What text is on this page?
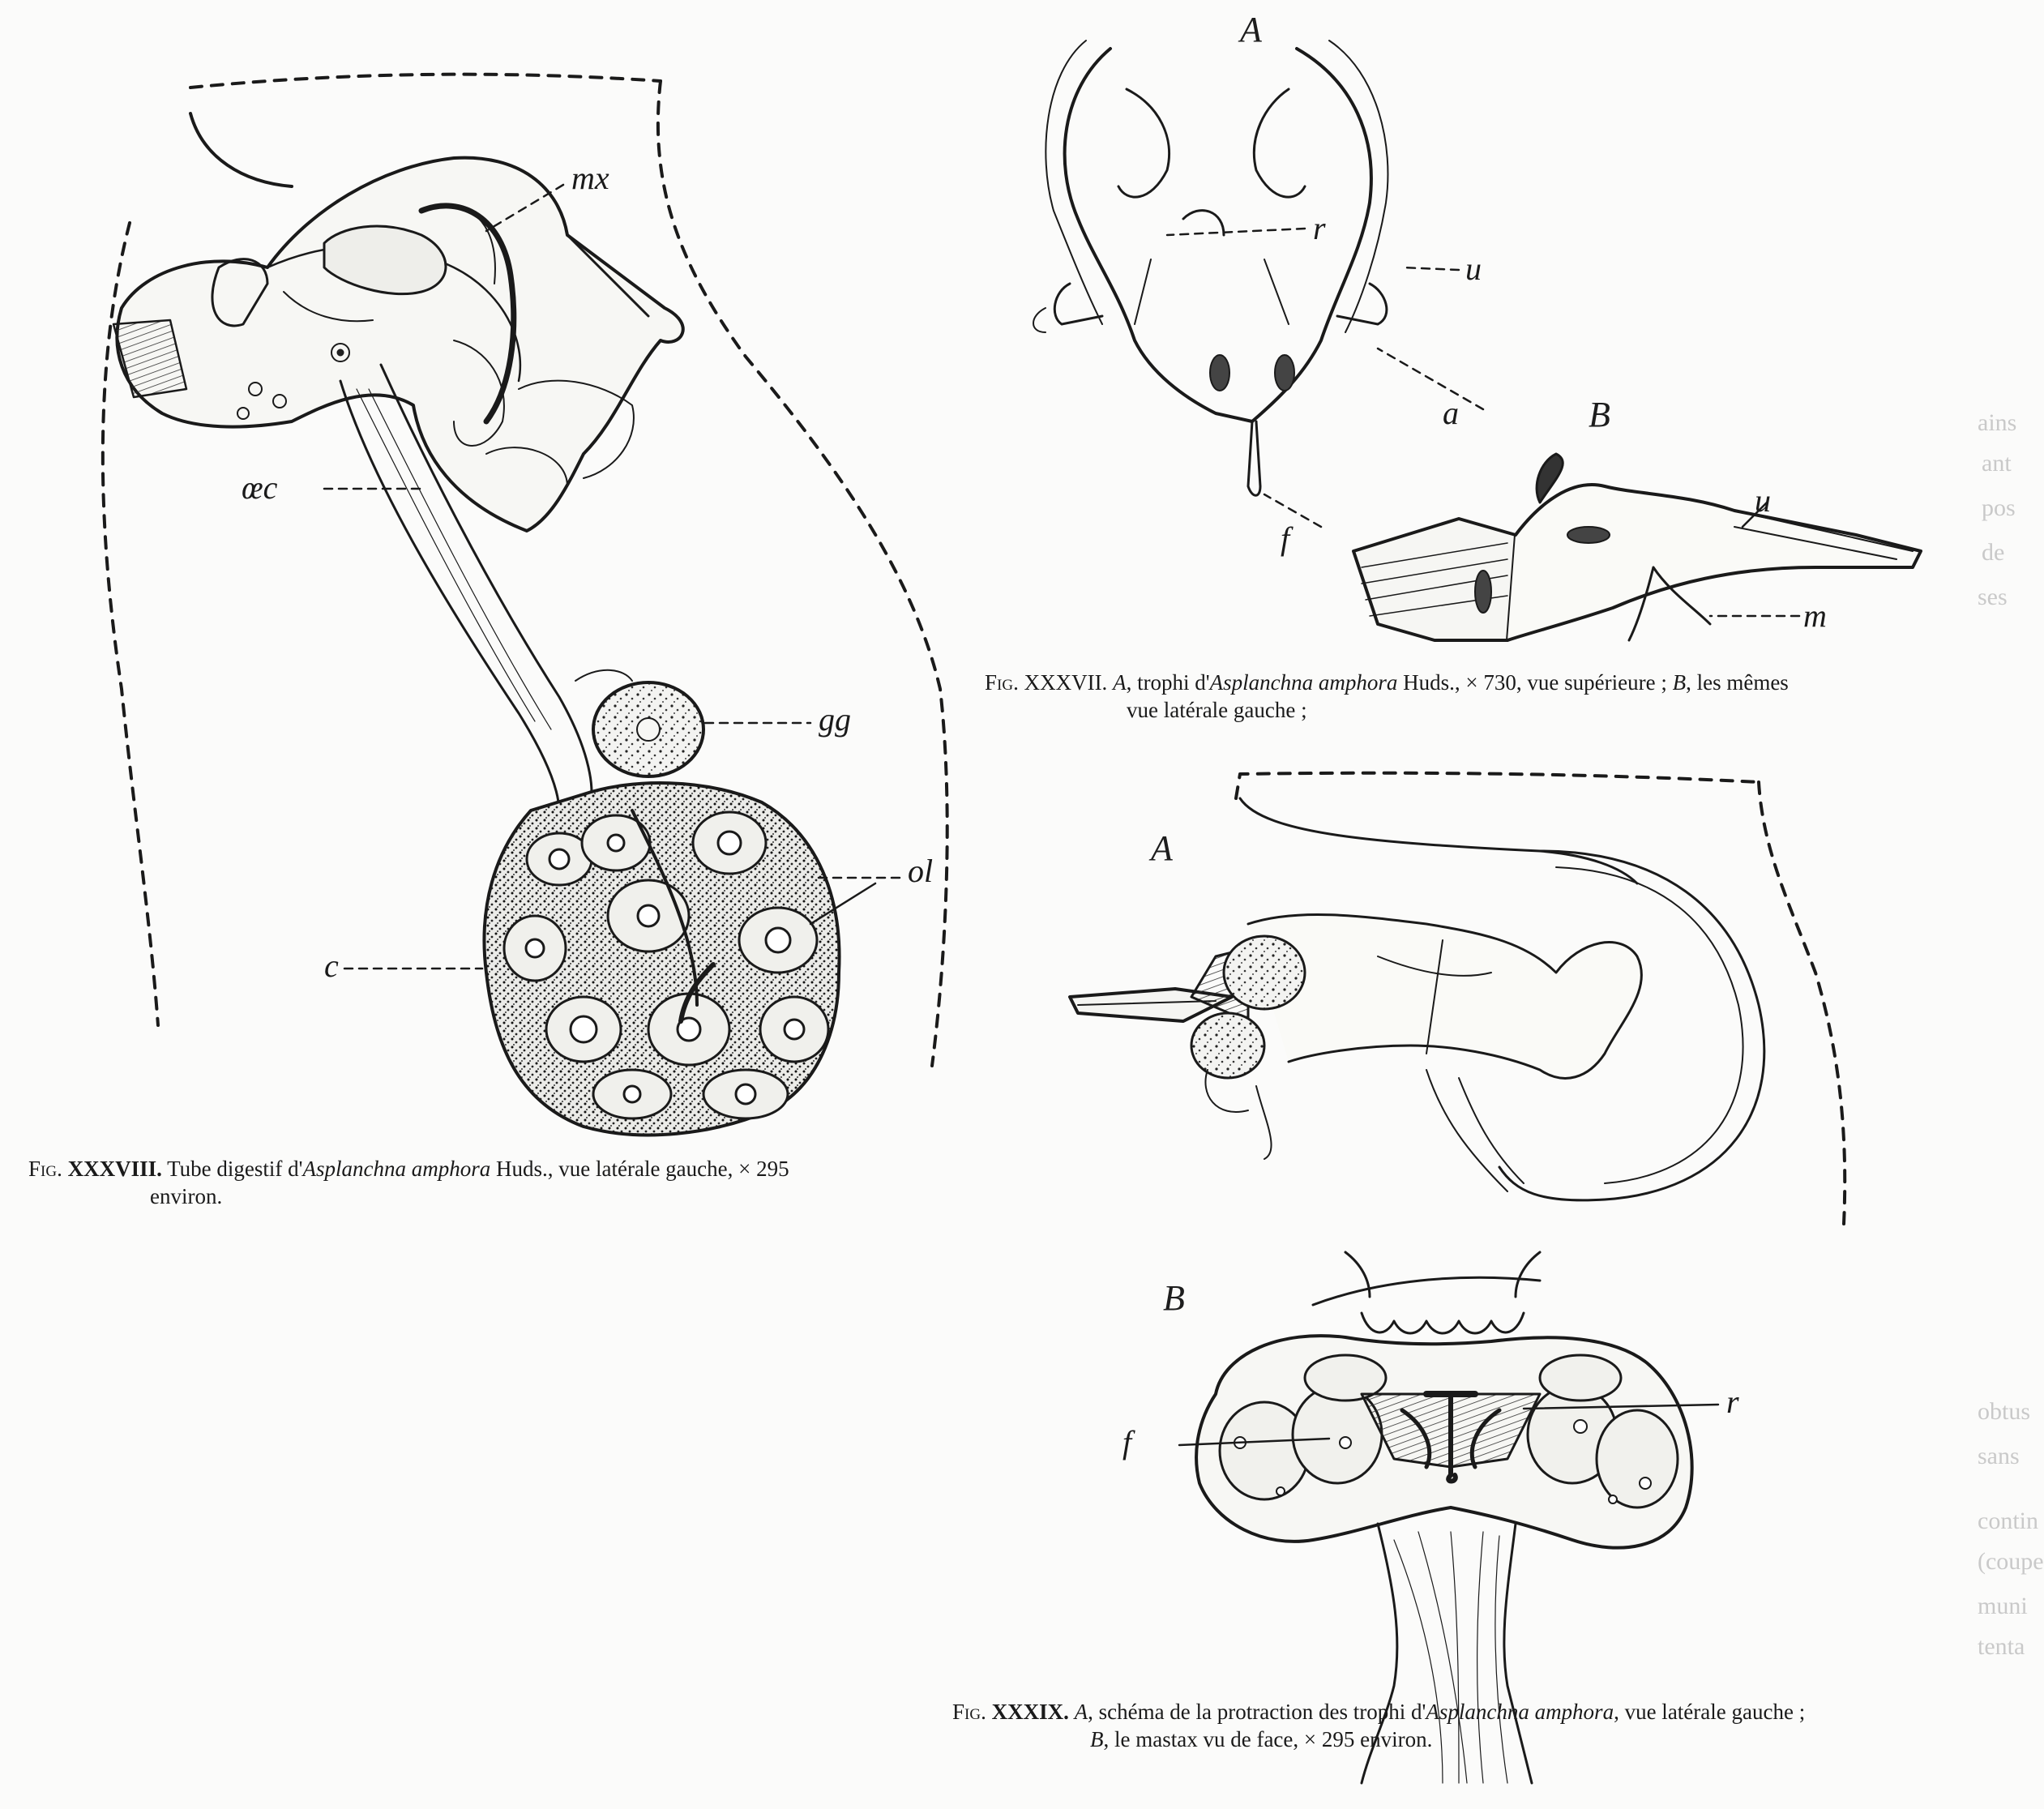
ains
ant
pos
de
ses
obtus
sans
contin
(coupe
muni
tenta
mx
œc
gg
ol
c
Fig. XXXVIII. Tube digestif d'Asplanchna amphora Huds., vue latérale gauche, × 295
environ.
A
B
r
u
a
f
u
m
Fig. XXXVII. A, trophi d'Asplanchna amphora Huds., × 730, vue supérieure ; B, les mêmes
vue latérale gauche ;
A
B
r
f
Fig. XXXIX. A, schéma de la protraction des trophi d'Asplanchna amphora, vue latérale gauche ;
B, le mastax vu de face, × 295 environ.
